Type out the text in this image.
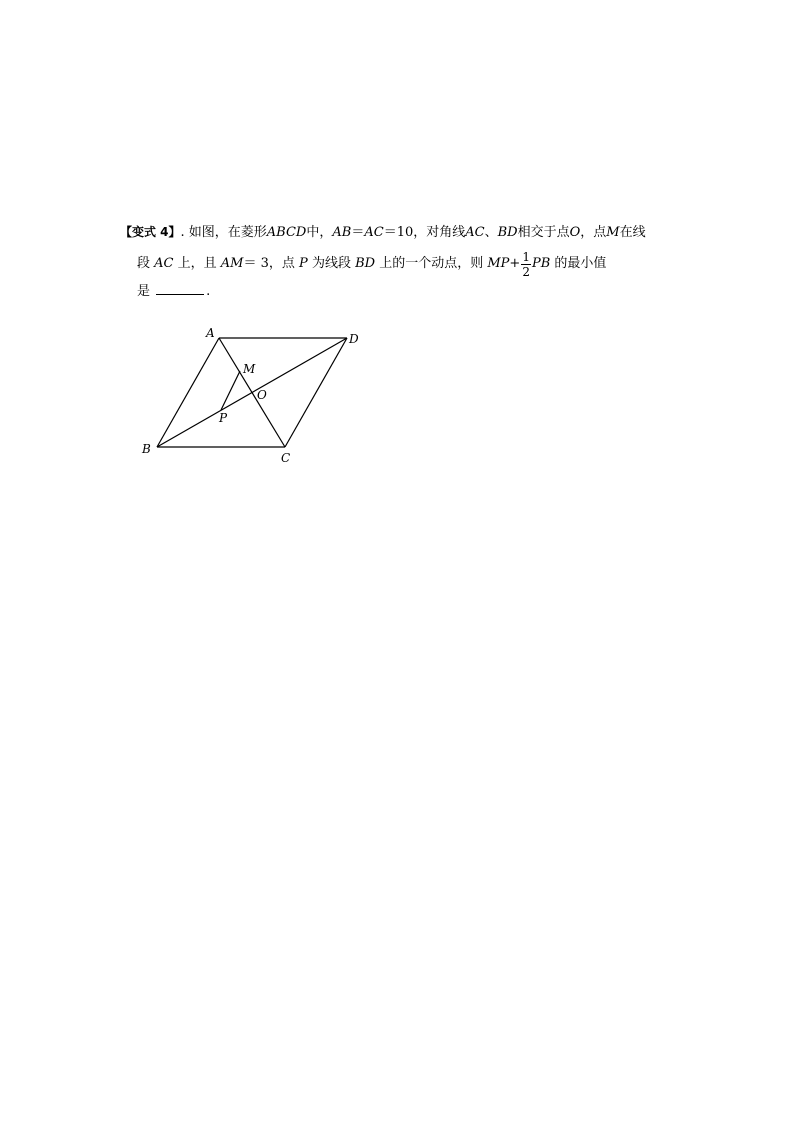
【变式 4】. 如图，在菱形ABCD中，AB＝AC＝10，对角线AC、BD相交于点O，点M在线
段
AC
上，且
AM ＝ 3，点
P
为线段
BD
上的一个动点，则
$MP+ \frac{1}{2}$ PB
的最小值
是	.
A	D
M
O
P
B
C
